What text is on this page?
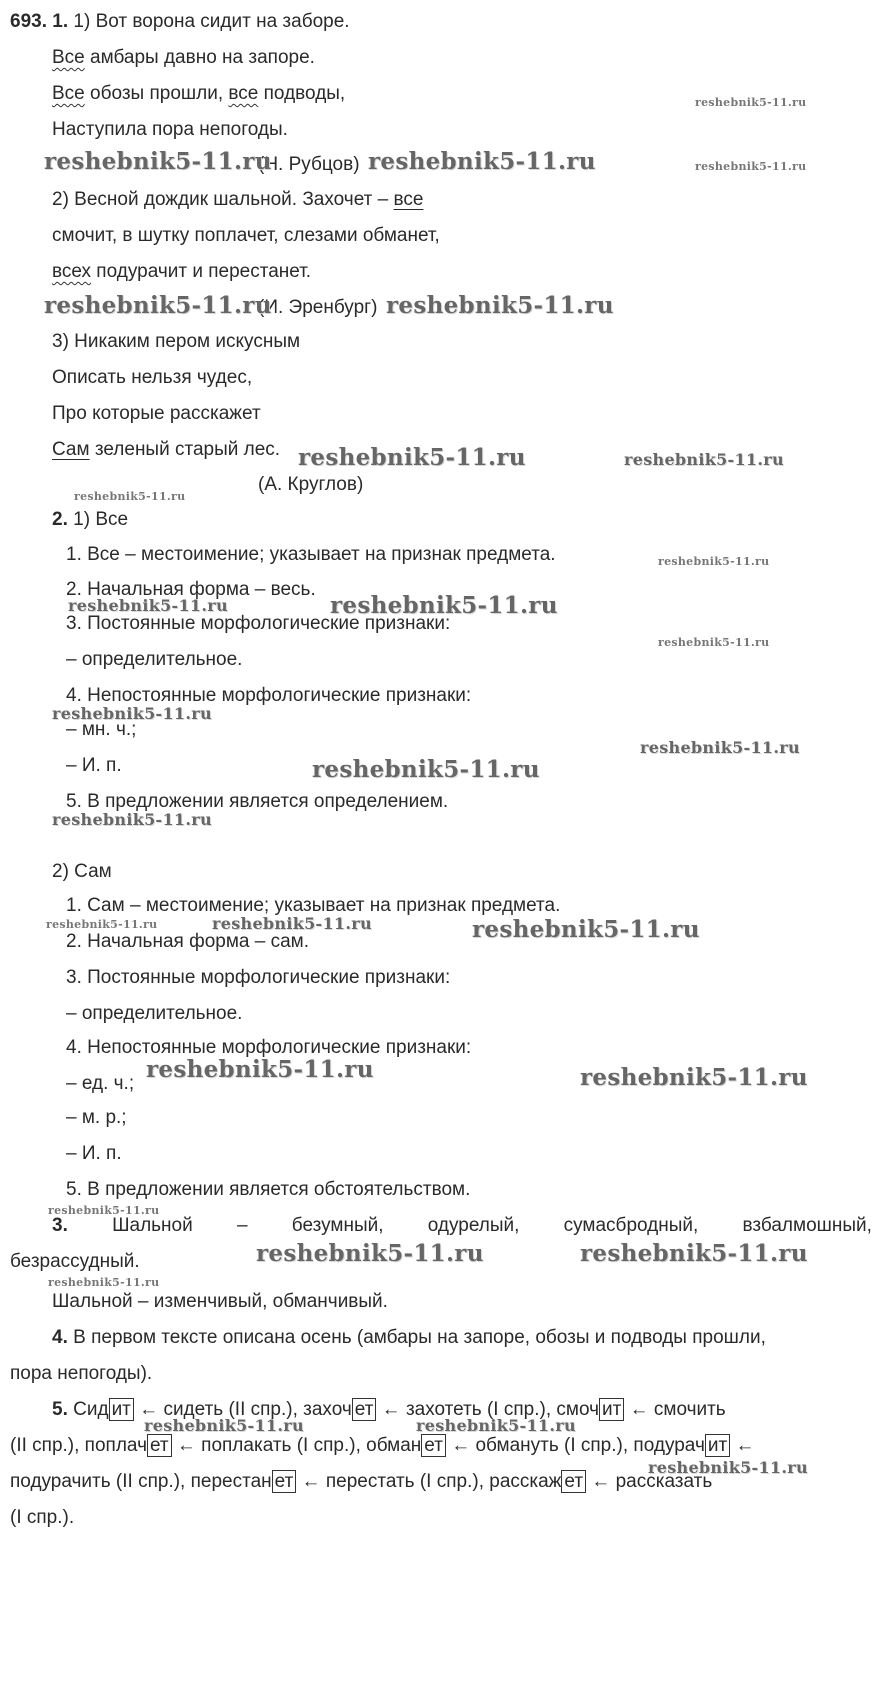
693. 1. 1) Вот ворона сидит на заборе.
Все амбары давно на запоре.
Все обозы прошли, все подводы,
Наступила пора непогоды.
(Н. Рубцов)
2) Весной дождик шальной. Захочет – все
смочит, в шутку поплачет, слезами обманет,
всех подурачит и перестанет.
(И. Эренбург)
3) Никаким пером искусным
Описать нельзя чудес,
Про которые расскажет
Сам зеленый старый лес.
(А. Круглов)
2. 1) Все
1. Все – местоимение; указывает на признак предмета.
2. Начальная форма – весь.
3. Постоянные морфологические признаки:
– определительное.
4. Непостоянные морфологические признаки:
– мн. ч.;
– И. п.
5. В предложении является определением.
2) Сам
1. Сам – местоимение; указывает на признак предмета.
2. Начальная форма – сам.
3. Постоянные морфологические признаки:
– определительное.
4. Непостоянные морфологические признаки:
– ед. ч.;
– м. р.;
– И. п.
5. В предложении является обстоятельством.
3. Шальной – безумный, одурелый, сумасбродный, взбалмошный,
безрассудный.
Шальной – изменчивый, обманчивый.
4. В первом тексте описана осень (амбары на запоре, обозы и подводы прошли,
пора непогоды).
5. Сид ит ← сидеть (II спр.), захоч ет ← захотеть (I спр.), смоч ит ← смочить
(II спр.), поплач ет ← поплакать (I спр.), обман ет ← обмануть (I спр.), подурач ит ←
подурачить (II спр.), перестан ет ← перестать (I спр.), расскаж ет ← рассказать
(I спр.).
reshebnik5-11.ru	reshebnik5-11.ru
reshebnik5-11.ru
reshebnik5-11.ru
reshebnik5-11.ru	reshebnik5-11.ru
reshebnik5-11.ru	reshebnik5-11.ru
reshebnik5-11.ru
reshebnik5-11.ru
reshebnik5-11.ru	reshebnik5-11.ru
reshebnik5-11.ru
reshebnik5-11.ru
reshebnik5-11.ru
reshebnik5-11.ru
reshebnik5-11.ru
reshebnik5-11.ru	reshebnik5-11.ru	reshebnik5-11.ru
reshebnik5-11.ru	reshebnik5-11.ru
reshebnik5-11.ru
reshebnik5-11.ru	reshebnik5-11.ru
reshebnik5-11.ru
reshebnik5-11.ru	reshebnik5-11.ru
reshebnik5-11.ru
